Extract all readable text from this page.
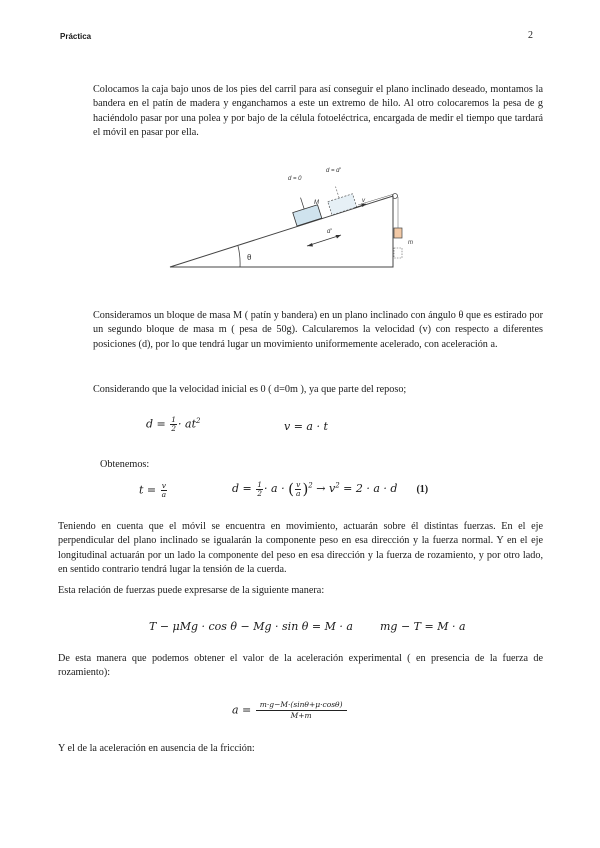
Práctica	2

Colocamos la caja bajo unos de los pies del carril para así conseguir el plano inclinado deseado, montamos la bandera en el patín de madera y enganchamos a este un extremo de hilo. Al otro colocaremos la pesa de g haciéndolo pasar por una polea y por bajo de la célula fotoeléctrica, encargada de medir el tiempo que tardará el móvil en pasar por ella.

θ
M	v
d = 0
d = d'
d'
m

Consideramos un bloque de masa M ( patín y bandera) en un plano inclinado con ángulo θ que es estirado por un segundo bloque de masa m ( pesa de 50g). Calcularemos la velocidad (v) con respecto a diferentes posiciones (d), por lo que tendrá lugar un movimiento uniformemente acelerado, con aceleración a.

Considerando que la velocidad inicial es 0 ( d=0m ), ya que parte del reposo;

$d = \frac{1}{2} \cdot at^2$	v = a · t
Obtenemos:
$t = \frac{v}{a}$	$d = \frac{1}{2} \cdot a$ · ( $\frac{v}{a} )^2 \to v^2 = 2 \cdot a \cdot d$ (1)

Teniendo en cuenta que el móvil se encuentra en movimiento, actuarán sobre él distintas fuerzas. En el eje perpendicular del plano inclinado se igualarán la componente peso en esa dirección y la fuerza normal. Y en el eje longitudinal actuarán por un lado la componente del peso en esa dirección y la fuerza de rozamiento, y por otro lado, en sentido contrario tendrá lugar la tensión de la cuerda.

Esta relación de fuerzas puede expresarse de la siguiente manera:

T − μMg · cos θ − Mg · sin θ = M · a mg − T = M · a

De esta manera que podemos obtener el valor de la aceleración experimental ( en presencia de la fuerza de rozamiento):

$a = \frac{m\cdot g-M\cdot(\sin\theta+\mu\cdot\cos\theta)}{M+m}$

Y el de la aceleración en ausencia de la fricción:
